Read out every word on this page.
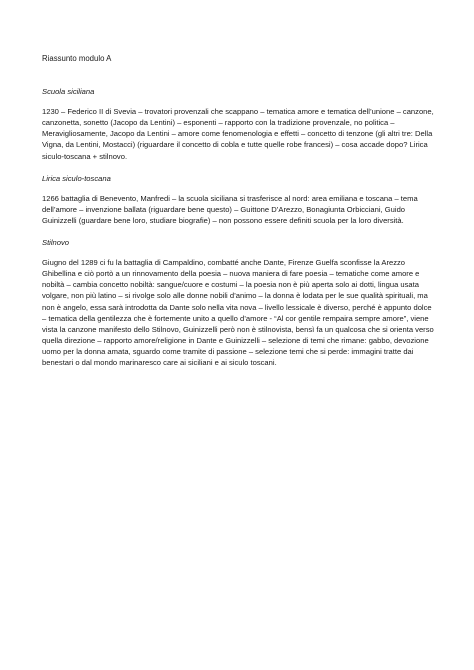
Riassunto modulo A
Scuola siciliana
1230 – Federico II di Svevia – trovatori provenzali che scappano – tematica amore e tematica dell’unione – canzone, canzonetta, sonetto (Jacopo da Lentini) – esponenti – rapporto con la tradizione provenzale, no politica – Meravigliosamente, Jacopo da Lentini – amore come fenomenologia e effetti – concetto di tenzone (gli altri tre: Della Vigna, da Lentini, Mostacci) (riguardare il concetto di cobla e tutte quelle robe francesi) – cosa accade dopo? Lirica siculo-toscana + stilnovo.
Lirica siculo-toscana
1266 battaglia di Benevento, Manfredi – la scuola siciliana si trasferisce al nord: area emiliana e toscana – tema dell’amore – invenzione ballata (riguardare bene questo) – Guittone D’Arezzo, Bonagiunta Orbicciani, Guido Guinizzelli (guardare bene loro, studiare biografie) – non possono essere definiti scuola per la loro diversità.
Stilnovo
Giugno del 1289 ci fu la battaglia di Campaldino, combatté anche Dante, Firenze Guelfa sconfisse la Arezzo Ghibellina e ciò portò a un rinnovamento della poesia – nuova maniera di fare poesia – tematiche come amore e nobiltà – cambia concetto nobiltà: sangue/cuore e costumi – la poesia non è più aperta solo ai dotti, lingua usata volgare, non più latino – si rivolge solo alle donne nobili d’animo – la donna è lodata per le sue qualità spirituali, ma non è angelo, essa sarà introdotta da Dante solo nella vita nova – livello lessicale è diverso, perché è appunto dolce – tematica della gentilezza che è fortemente unito a quello d’amore - “Al cor gentile rempaira sempre amore”, viene vista la canzone manifesto dello Stilnovo, Guinizzelli però non è stilnovista, bensì fa un qualcosa che si orienta verso quella direzione – rapporto amore/religione in Dante e Guinizzelli – selezione di temi che rimane: gabbo, devozione uomo per la donna amata, sguardo come tramite di passione – selezione temi che si perde: immagini tratte dai benestari o dal mondo marinaresco care ai siciliani e ai siculo toscani.
